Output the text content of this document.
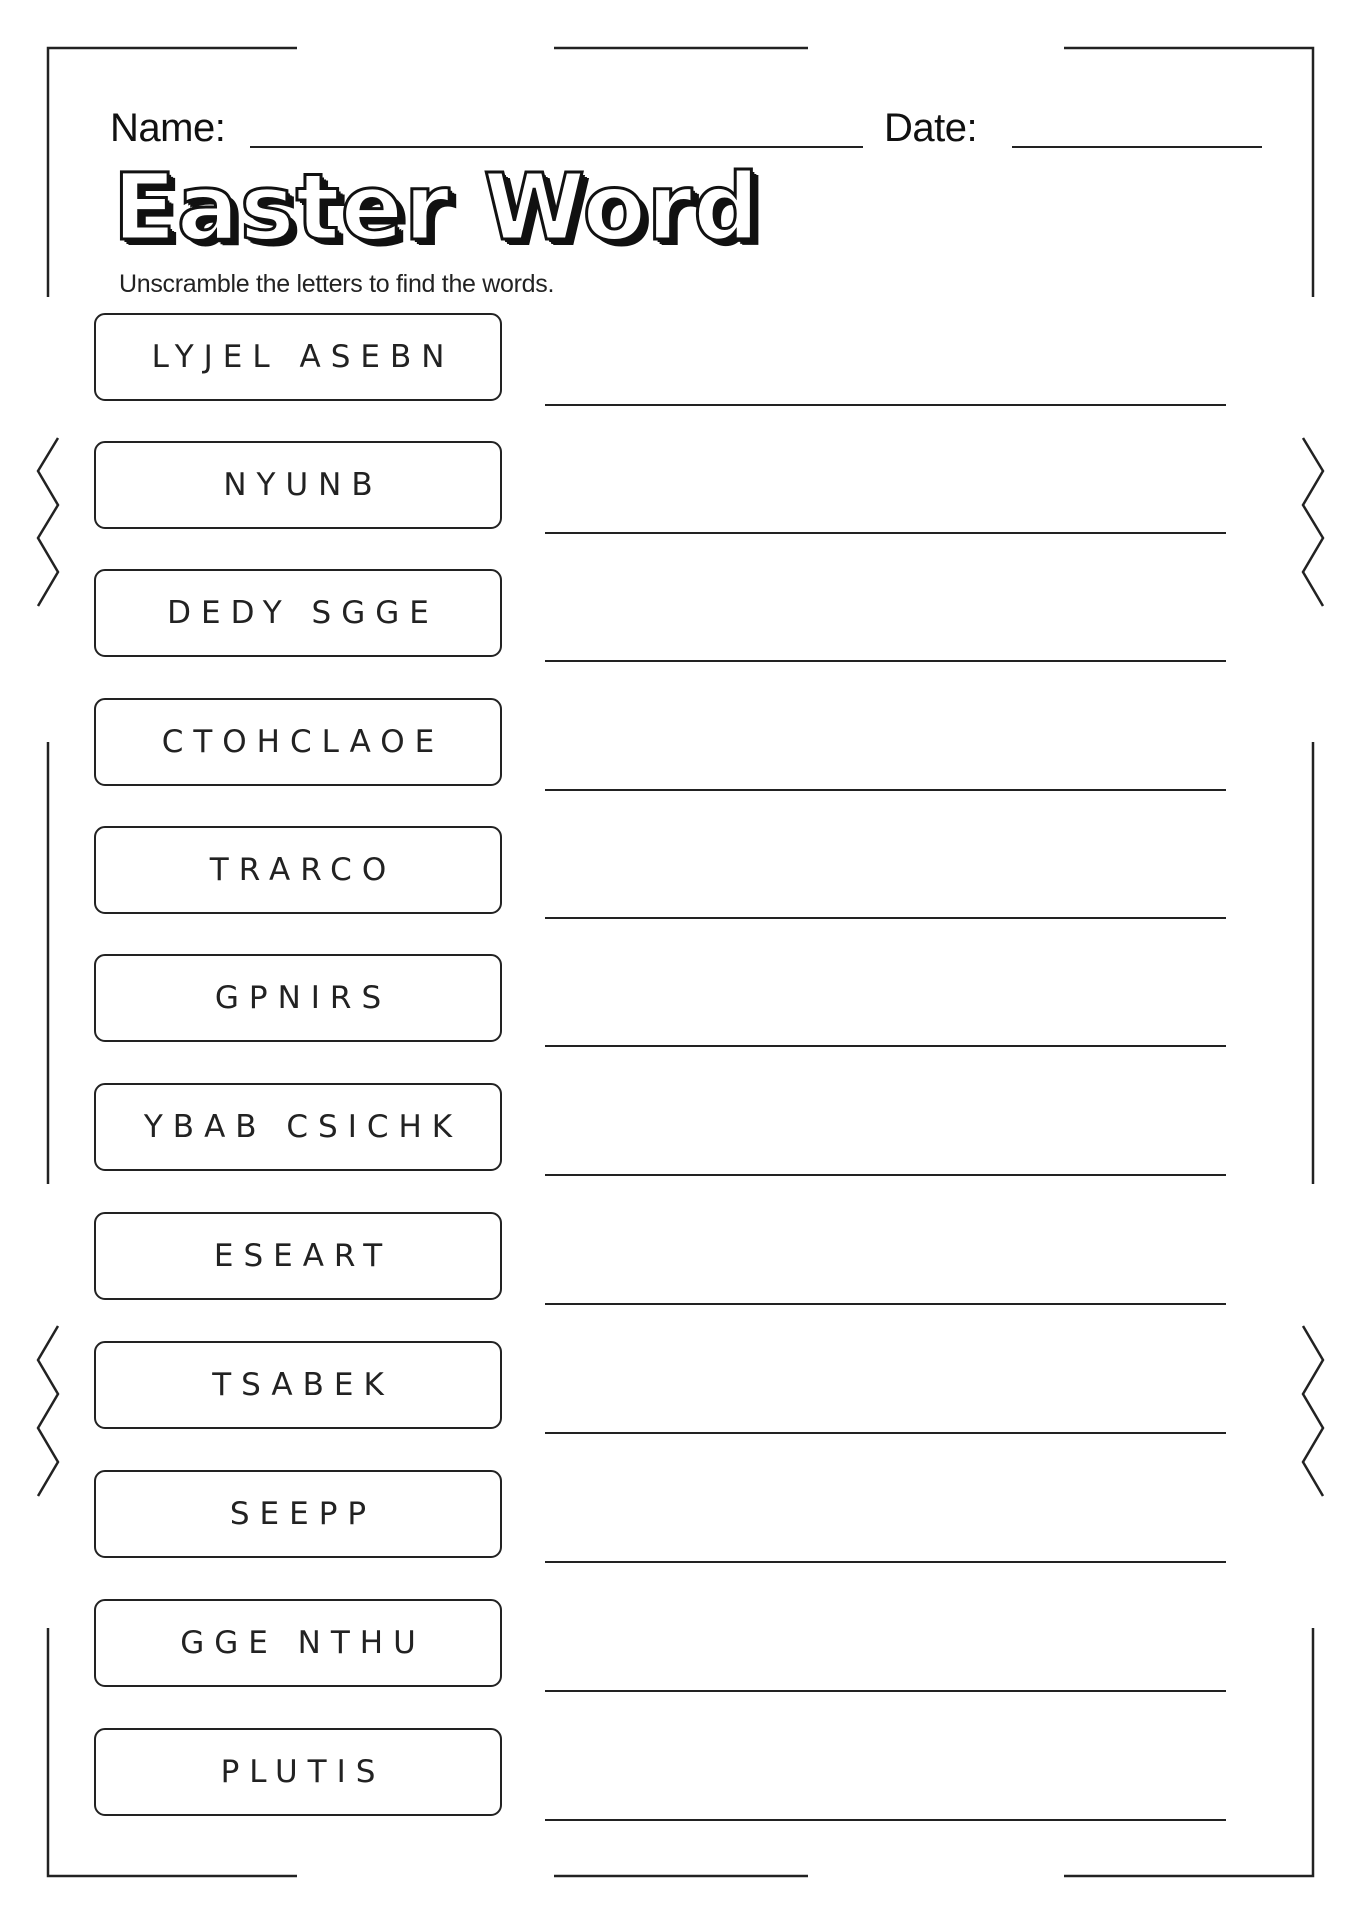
Name:	Date:
Easter Word
Unscramble the letters to find the words.
LYJEL ASEBN
NYUNB
DEDY SGGE
CTOHCLAOE
TRARCO
GPNIRS
YBAB CSICHK
ESEART
TSABEK
SEEPP
GGE NTHU
PLUTIS
